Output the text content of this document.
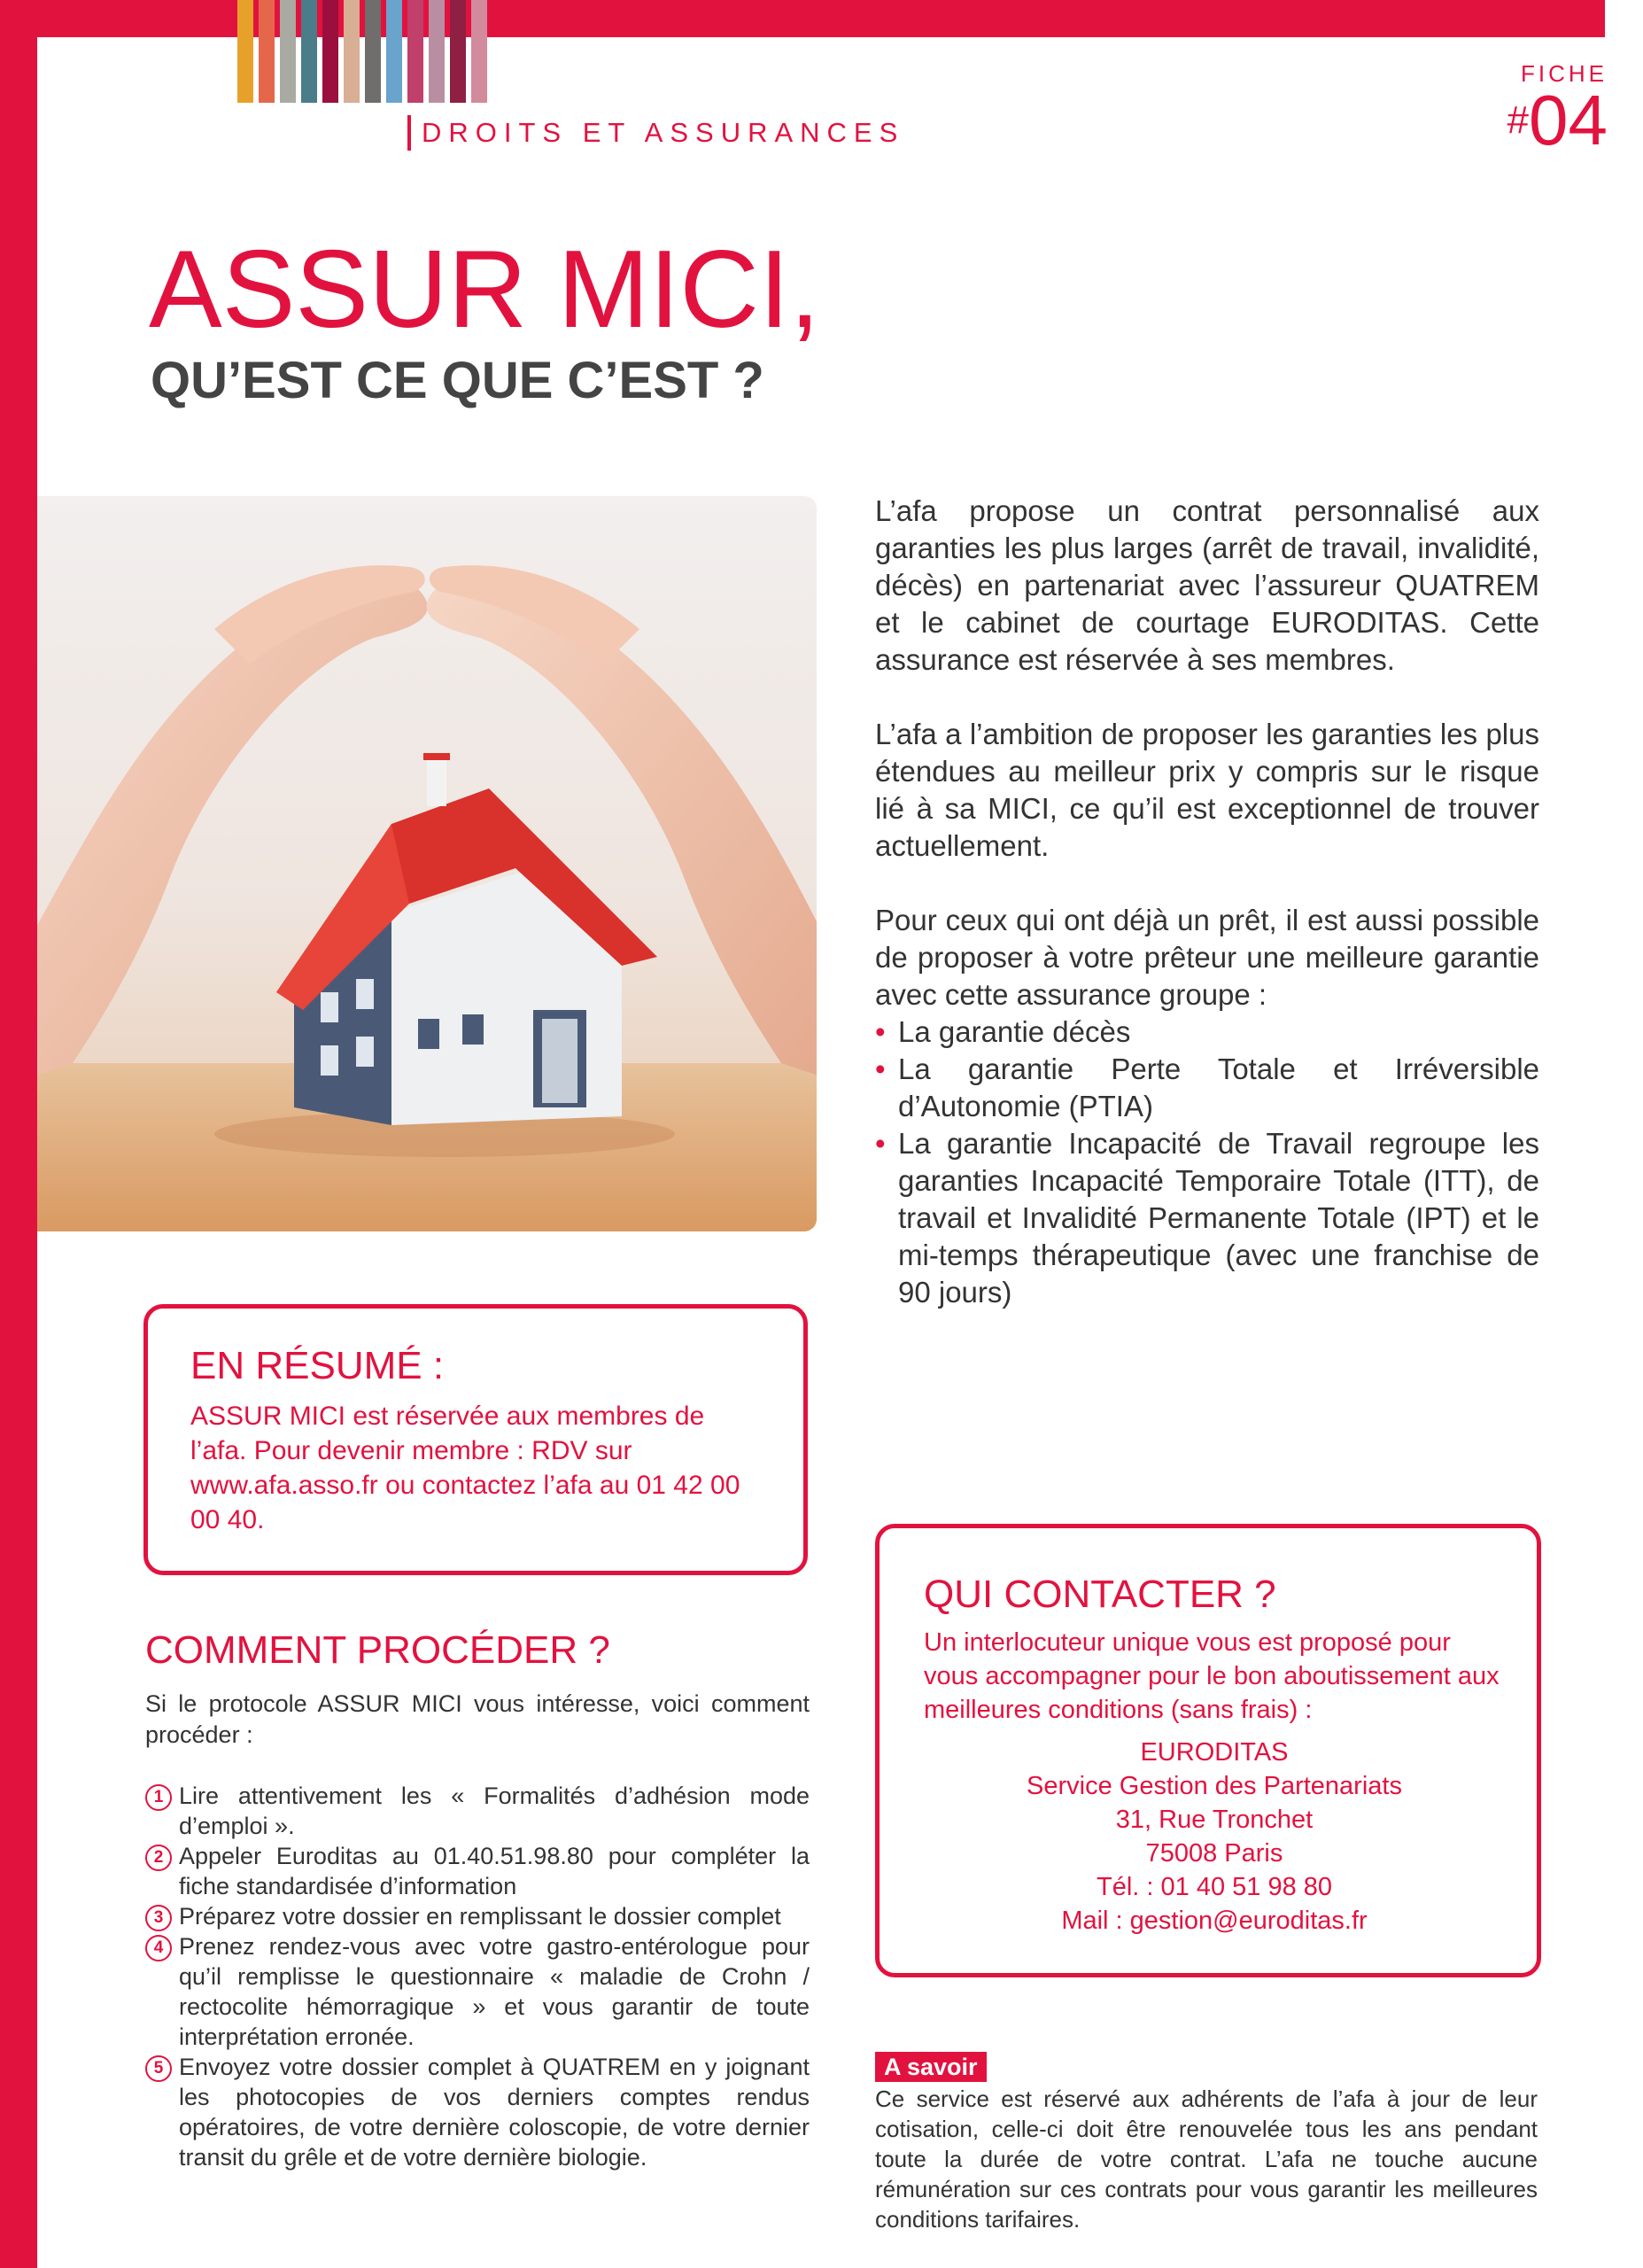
DROITS ET ASSURANCES
DROITS ET ASSURANCES
FICHE
#04
ASSUR MICI,
QU’EST CE QUE C’EST ?

L’afa propose un contrat personnalisé aux garanties les plus larges (arrêt de travail, invalidité, décès) en partenariat avec l’assureur QUATREM et le cabinet de courtage EURODITAS. Cette assurance est réservée à ses membres.

L’afa a l’ambition de proposer les garanties les plus étendues au meilleur prix y compris sur le risque lié à sa MICI, ce qu’il est exceptionnel de trouver actuellement.

Pour ceux qui ont déjà un prêt, il est aussi possible de proposer à votre prêteur une meilleure garantie avec cette assurance groupe :

• La garantie décès
• La garantie Perte Totale et Irréversible d’Autonomie (PTIA)
• La garantie Incapacité de Travail regroupe les garanties Incapacité Temporaire Totale (ITT), de travail et Invalidité Permanente Totale (IPT) et le mi-temps thérapeutique (avec une franchise de 90 jours)
EN RÉSUMÉ :

ASSUR MICI est réservée aux membres de l’afa. Pour devenir membre : RDV sur www.afa.asso.fr ou contactez l’afa au 01 42 00 00 40.

COMMENT PROCÉDER ?

Si le protocole ASSUR MICI vous intéresse, voici comment procéder :

1 Lire attentivement les « Formalités d’adhésion mode d’emploi ».
2 Appeler Euroditas au 01.40.51.98.80 pour compléter la fiche standardisée d’information
3 Préparez votre dossier en remplissant le dossier complet
4 Prenez rendez-vous avec votre gastro-entérologue pour qu’il remplisse le questionnaire « maladie de Crohn / rectocolite hémorragique » et vous garantir de toute interprétation erronée.
5 Envoyez votre dossier complet à QUATREM en y joignant les photocopies de vos derniers comptes rendus opératoires, de votre dernière coloscopie, de votre dernier transit du grêle et de votre dernière biologie.
QUI CONTACTER ?

Un interlocuteur unique vous est proposé pour vous accompagner pour le bon aboutissement aux meilleures conditions (sans frais) :

EURODITAS
Service Gestion des Partenariats
31, Rue Tronchet
75008 Paris
Tél. : 01 40 51 98 80
Mail : gestion@euroditas.fr
A savoir
Ce service est réservé aux adhérents de l’afa à jour de leur cotisation, celle-ci doit être renouvelée tous les ans pendant toute la durée de votre contrat. L’afa ne touche aucune rémunération sur ces contrats pour vous garantir les meilleures conditions tarifaires.
